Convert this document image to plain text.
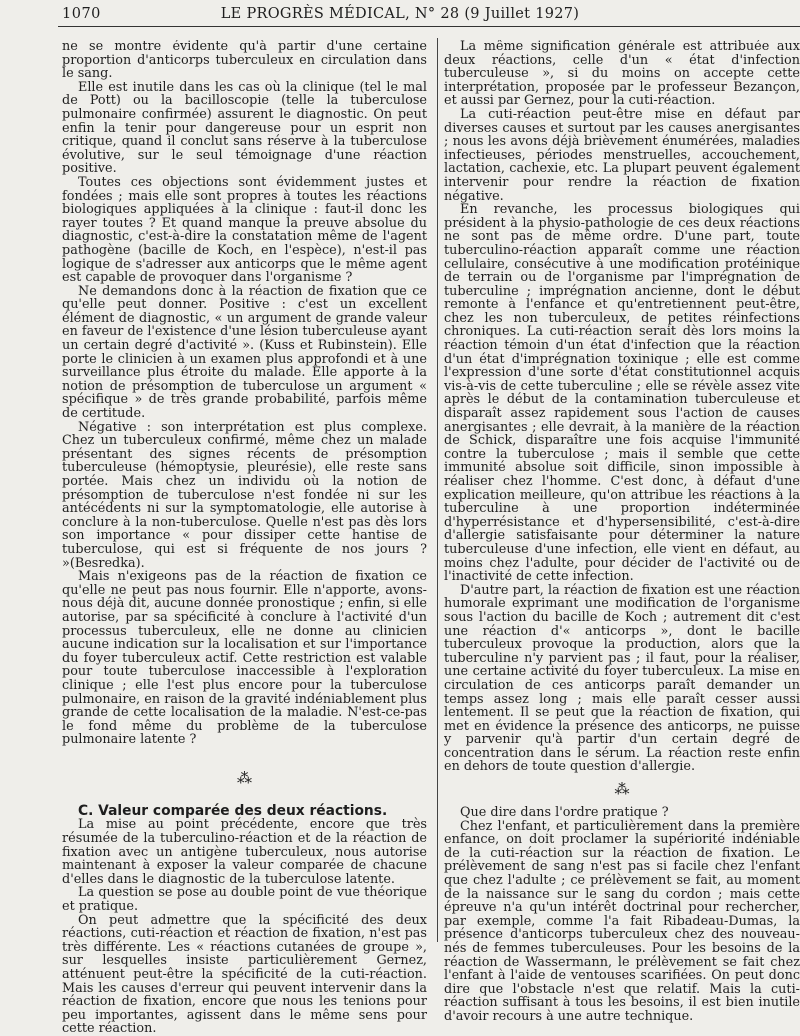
1070	LE PROGRÈS MÉDICAL, N° 28 (9 Juillet 1927)

ne se montre évidente qu'à partir d'une certaine proportion d'anticorps tuberculeux en circulation dans le sang.

Elle est inutile dans les cas où la clinique (tel le mal de Pott) ou la bacilloscopie (telle la tuberculose pulmonaire confirmée) assurent le diagnostic. On peut enfin la tenir pour dangereuse pour un esprit non critique, quand il conclut sans réserve à la tuberculose évolutive, sur le seul témoignage d'une réaction positive.

Toutes ces objections sont évidemment justes et fondées ; mais elle sont propres à toutes les réactions biologiques appliquées à la clinique : faut-il donc les rayer toutes ? Et quand manque la preuve absolue du diagnostic, c'est-à-dire la constatation même de l'agent pathogène (bacille de Koch, en l'espèce), n'est-il pas logique de s'adresser aux anticorps que le même agent est capable de provoquer dans l'organisme ?

Ne demandons donc à la réaction de fixation que ce qu'elle peut donner. Positive : c'est un excellent élément de diagnostic, « un argument de grande valeur en faveur de l'existence d'une lésion tuberculeuse ayant un certain degré d'activité ». (Kuss et Rubinstein). Elle porte le clinicien à un examen plus approfondi et à une surveillance plus étroite du malade. Elle apporte à la notion de présomption de tuberculose un argument « spécifique » de très grande probabilité, parfois même de certitude.

Négative : son interprétation est plus complexe. Chez un tuberculeux confirmé, même chez un malade présentant des signes récents de présomption tuberculeuse (hémoptysie, pleurésie), elle reste sans portée. Mais chez un individu où la notion de présomption de tuberculose n'est fondée ni sur les antécédents ni sur la symptomatologie, elle autorise à conclure à la non-tuberculose. Quelle n'est pas dès lors son importance « pour dissiper cette hantise de tuberculose, qui est si fréquente de nos jours ? »(Besredka).

Mais n'exigeons pas de la réaction de fixation ce qu'elle ne peut pas nous fournir. Elle n'apporte, avons-nous déjà dit, aucune donnée pronostique ; enfin, si elle autorise, par sa spécificité à conclure à l'activité d'un processus tuberculeux, elle ne donne au clinicien aucune indication sur la localisation et sur l'importance du foyer tuberculeux actif. Cette restriction est valable pour toute tuberculose inaccessible à l'exploration clinique ; elle l'est plus encore pour la tuberculose pulmonaire, en raison de la gravité indéniablement plus grande de cette localisation de la maladie. N'est-ce-pas le fond même du problème de la tuberculose pulmonaire latente ?

⁂

C. Valeur comparée des deux réactions.

La mise au point précédente, encore que très résumée de la tuberculino-réaction et de la réaction de fixation avec un antigène tuberculeux, nous autorise maintenant à exposer la valeur comparée de chacune d'elles dans le diagnostic de la tuberculose latente.

La question se pose au double point de vue théorique et pratique.

On peut admettre que la spécificité des deux réactions, cuti-réaction et réaction de fixation, n'est pas très différente. Les « réactions cutanées de groupe », sur lesquelles insiste particulièrement Gernez, atténuent peut-être la spécificité de la cuti-réaction. Mais les causes d'erreur qui peuvent intervenir dans la réaction de fixation, encore que nous les tenions pour peu importantes, agissent dans le même sens pour cette réaction.

La même signification générale est attribuée aux deux réactions, celle d'un « état d'infection tuberculeuse », si du moins on accepte cette interprétation, proposée par le professeur Bezançon, et aussi par Gernez, pour la cuti-réaction.

La cuti-réaction peut-être mise en défaut par diverses causes et surtout par les causes anergisantes ; nous les avons déjà brièvement énumérées, maladies infectieuses, périodes menstruelles, accouchement, lactation, cachexie, etc. La plupart peuvent également intervenir pour rendre la réaction de fixation négative.

En revanche, les processus biologiques qui président à la physio-pathologie de ces deux réactions ne sont pas de même ordre. D'une part, toute tuberculino-réaction apparaît comme une réaction cellulaire, consécutive à une modification protéinique de terrain ou de l'organisme par l'imprégnation de tuberculine ; imprégnation ancienne, dont le début remonte à l'enfance et qu'entretiennent peut-être, chez les non tuberculeux, de petites réinfections chroniques. La cuti-réaction serait dès lors moins la réaction témoin d'un état d'infection que la réaction d'un état d'imprégnation toxinique ; elle est comme l'expression d'une sorte d'état constitutionnel acquis vis-à-vis de cette tuberculine ; elle se révèle assez vite après le début de la contamination tuberculeuse et disparaît assez rapidement sous l'action de causes anergisantes ; elle devrait, à la manière de la réaction de Schick, disparaître une fois acquise l'immunité contre la tuberculose ; mais il semble que cette immunité absolue soit difficile, sinon impossible à réaliser chez l'homme. C'est donc, à défaut d'une explication meilleure, qu'on attribue les réactions à la tuberculine à une proportion indéterminée d'hyperrésistance et d'hypersensibilité, c'est-à-dire d'allergie satisfaisante pour déterminer la nature tuberculeuse d'une infection, elle vient en défaut, au moins chez l'adulte, pour décider de l'activité ou de l'inactivité de cette infection.

D'autre part, la réaction de fixation est une réaction humorale exprimant une modification de l'organisme sous l'action du bacille de Koch ; autrement dit c'est une réaction d'« anticorps », dont le bacille tuberculeux provoque la production, alors que la tuberculine n'y parvient pas ; il faut, pour la réaliser, une certaine activité du foyer tuberculeux. La mise en circulation de ces anticorps paraît demander un temps assez long ; mais elle paraît cesser aussi lentement. Il se peut que la réaction de fixation, qui met en évidence la présence des anticorps, ne puisse y parvenir qu'à partir d'un certain degré de concentration dans le sérum. La réaction reste enfin en dehors de toute question d'allergie.

⁂

Que dire dans l'ordre pratique ?

Chez l'enfant, et particulièrement dans la première enfance, on doit proclamer la supériorité indéniable de la cuti-réaction sur la réaction de fixation. Le prélèvement de sang n'est pas si facile chez l'enfant que chez l'adulte ; ce prélèvement se fait, au moment de la naissance sur le sang du cordon ; mais cette épreuve n'a qu'un intérêt doctrinal pour rechercher, par exemple, comme l'a fait Ribadeau-Dumas, la présence d'anticorps tuberculeux chez des nouveau-nés de femmes tuberculeuses. Pour les besoins de la réaction de Wassermann, le prélèvement se fait chez l'enfant à l'aide de ventouses scarifiées. On peut donc dire que l'obstacle n'est que relatif. Mais la cuti-réaction suffisant à tous les besoins, il est bien inutile d'avoir recours à une autre technique.
